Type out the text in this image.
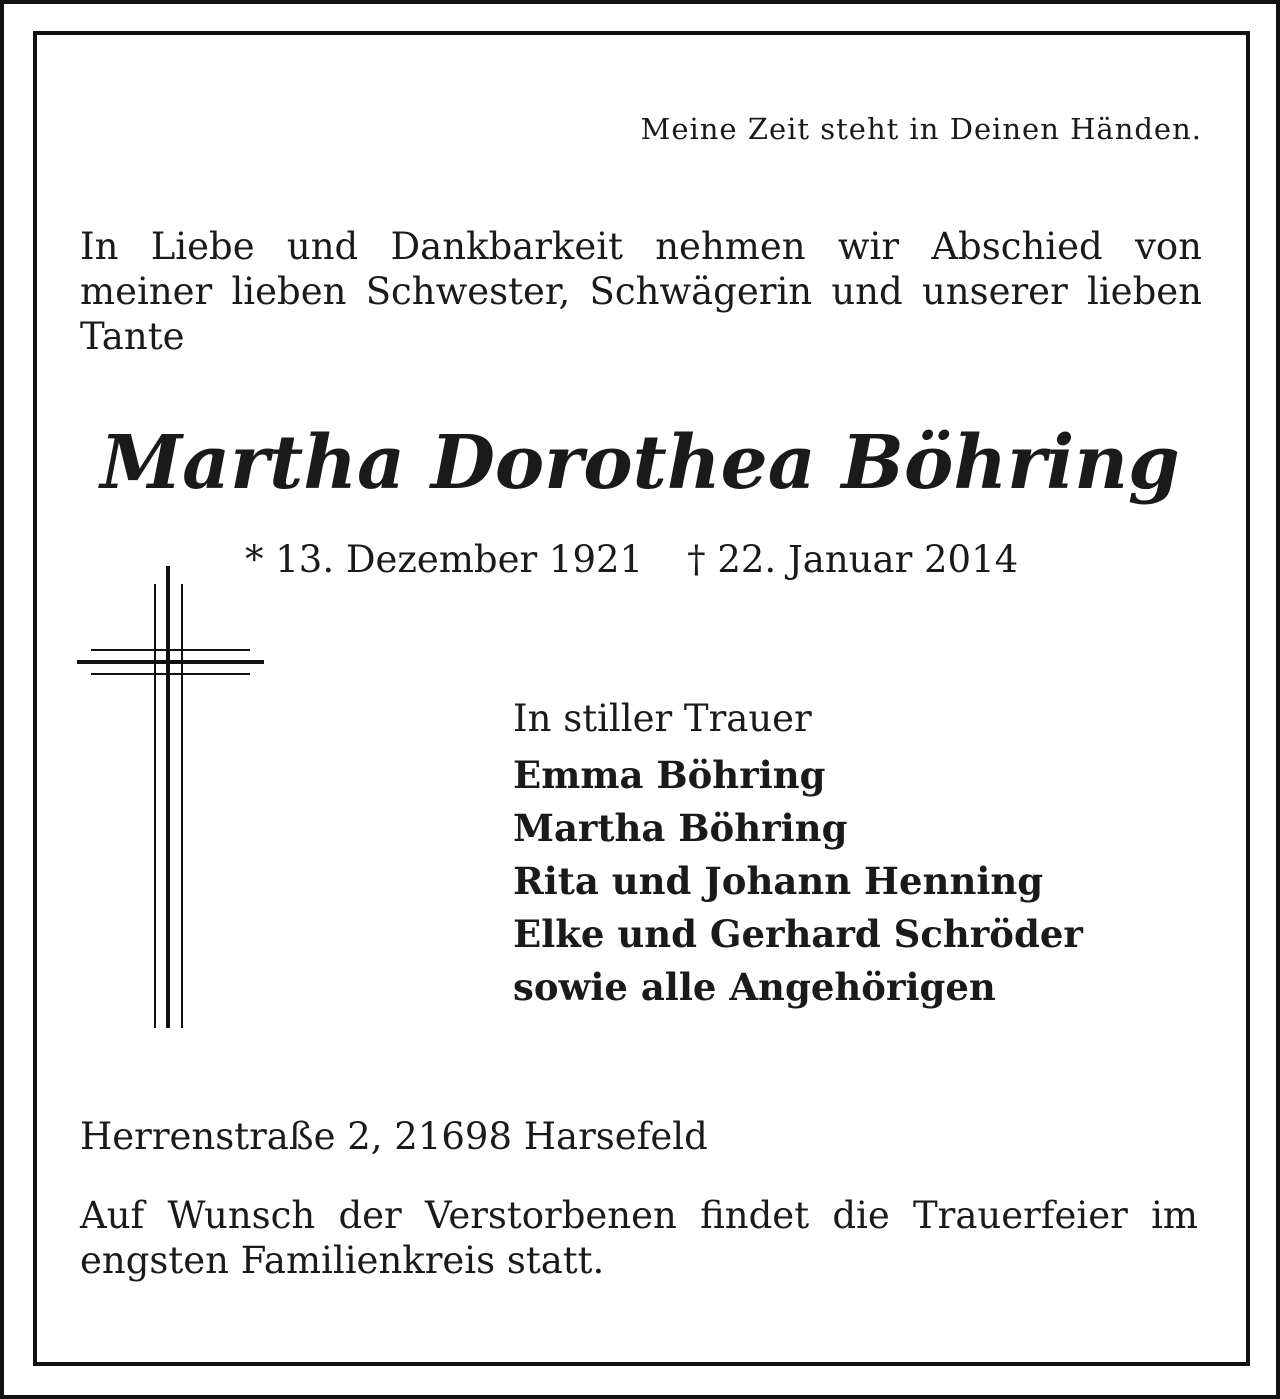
Meine Zeit steht in Deinen Händen.

In Liebe und Dankbarkeit nehmen wir Abschied von meiner lieben Schwester, Schwägerin und unserer lieben Tante

Martha Dorothea Böhring

* 13. Dezember 1921 † 22. Januar 2014

In stiller Trauer

Emma Böhring
Martha Böhring
Rita und Johann Henning
Elke und Gerhard Schröder
sowie alle Angehörigen

Herrenstraße 2, 21698 Harsefeld

Auf Wunsch der Verstorbenen findet die Trauerfeier im engsten Familienkreis statt.
